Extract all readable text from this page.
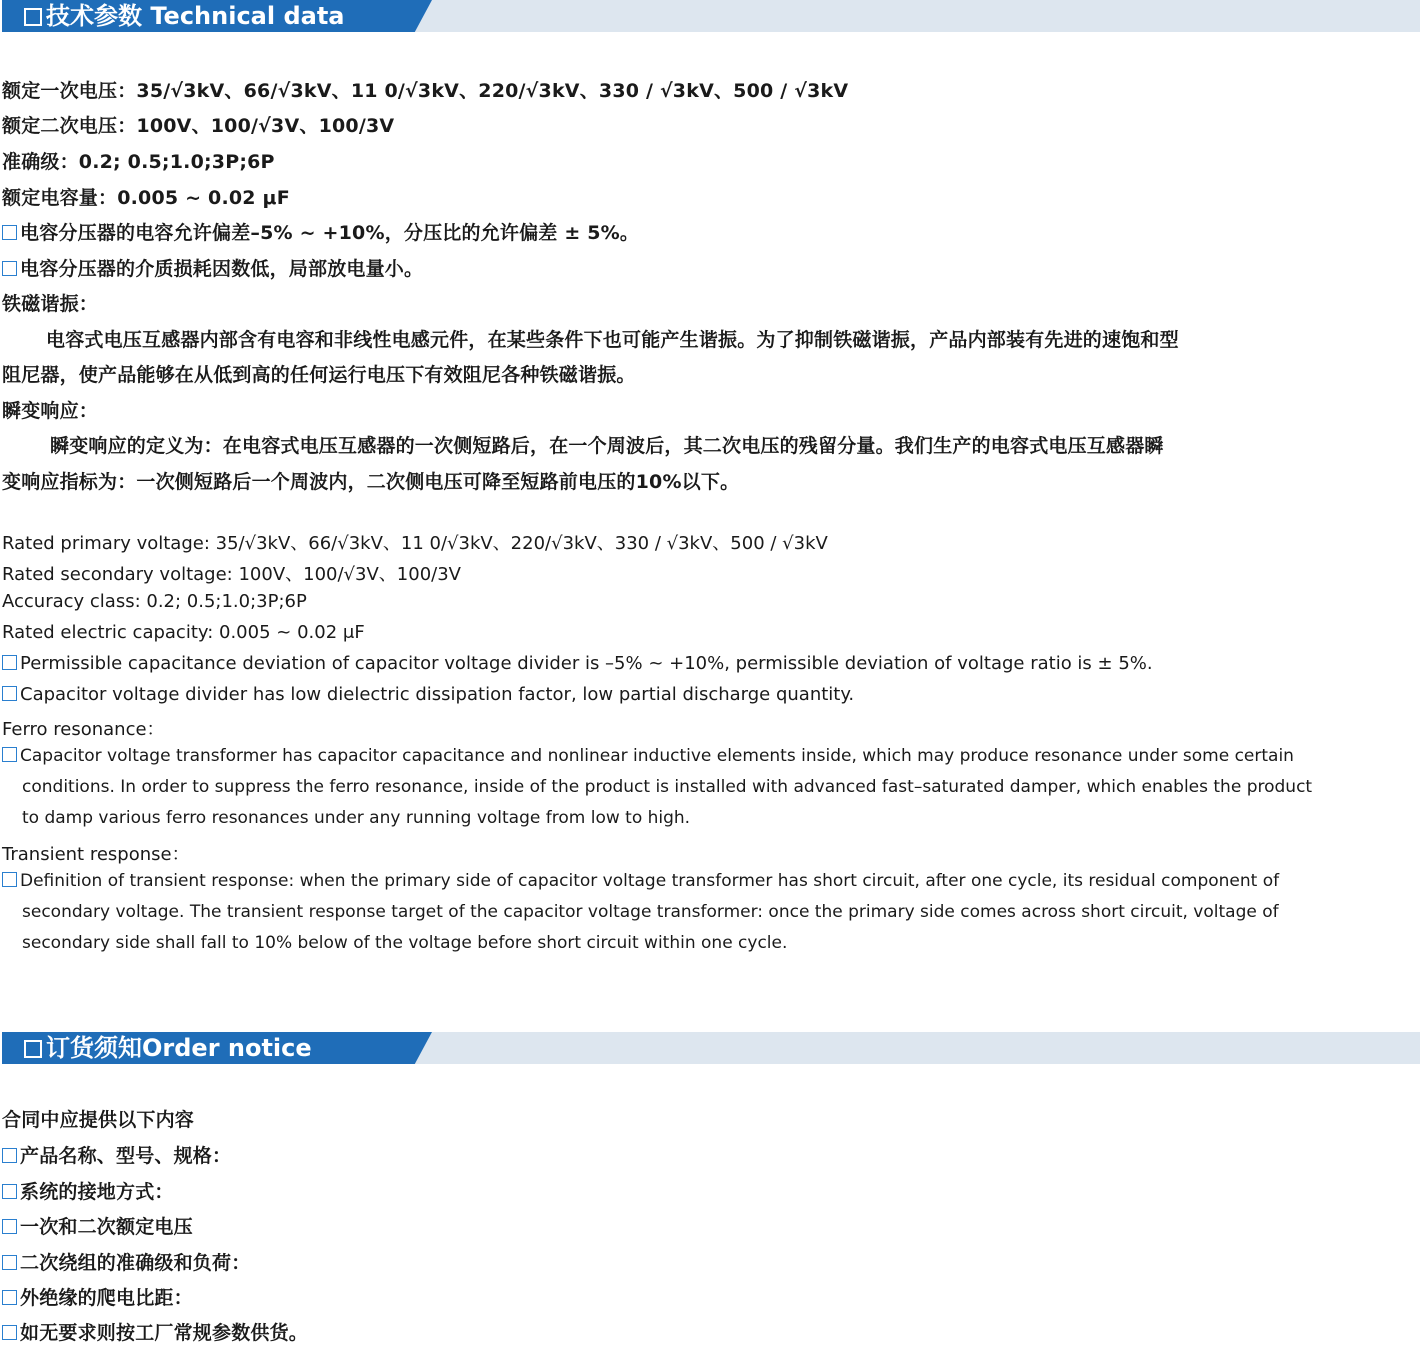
技术参数 Technical data
额定一次电压：35/√3kV、66/√3kV、11 0/√3kV、220/√3kV、330 / √3kV、500 / √3kV
额定二次电压：100V、100/√3V、100/3V
准确级：0.2; 0.5;1.0;3P;6P
额定电容量：0.005 ~ 0.02 μF
电容分压器的电容允许偏差–5% ~ +10%，分压比的允许偏差 ± 5%。
电容分压器的介质损耗因数低，局部放电量小。
铁磁谐振：
电容式电压互感器内部含有电容和非线性电感元件，在某些条件下也可能产生谐振。为了抑制铁磁谐振，产品内部装有先进的速饱和型
阻尼器，使产品能够在从低到高的任何运行电压下有效阻尼各种铁磁谐振。
瞬变响应：
瞬变响应的定义为：在电容式电压互感器的一次侧短路后，在一个周波后，其二次电压的残留分量。我们生产的电容式电压互感器瞬
变响应指标为：一次侧短路后一个周波内，二次侧电压可降至短路前电压的10%以下。
Rated primary voltage: 35/√3kV、66/√3kV、11 0/√3kV、220/√3kV、330 / √3kV、500 / √3kV
Rated secondary voltage: 100V、100/√3V、100/3V
Accuracy class: 0.2; 0.5;1.0;3P;6P
Rated electric capacity: 0.005 ~ 0.02 μF
Permissible capacitance deviation of capacitor voltage divider is –5% ~ +10%, permissible deviation of voltage ratio is ± 5%.
Capacitor voltage divider has low dielectric dissipation factor, low partial discharge quantity.
Ferro resonance：
Capacitor voltage transformer has capacitor capacitance and nonlinear inductive elements inside, which may produce resonance under some certain
conditions. In order to suppress the ferro resonance, inside of the product is installed with advanced fast–saturated damper, which enables the product
to damp various ferro resonances under any running voltage from low to high.
Transient response：
Definition of transient response: when the primary side of capacitor voltage transformer has short circuit, after one cycle, its residual component of
secondary voltage. The transient response target of the capacitor voltage transformer: once the primary side comes across short circuit, voltage of
secondary side shall fall to 10% below of the voltage before short circuit within one cycle.
订货须知Order notice
合同中应提供以下内容
产品名称、型号、规格：
系统的接地方式：
一次和二次额定电压
二次绕组的准确级和负荷：
外绝缘的爬电比距：
如无要求则按工厂常规参数供货。
